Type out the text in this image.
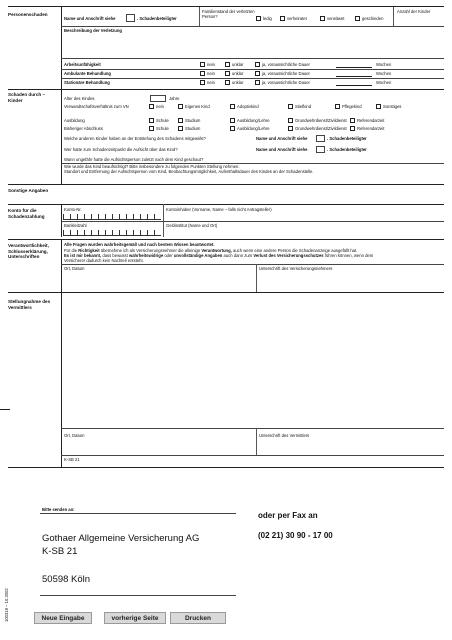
Personenschaden
Schaden durch – Kinder
Sonstige Angaben
Konto für die Schadenzahlung
Verantwortlichkeit, Schlusserklärung, Unterschriften
Stellungnahme des Vermittlers
Name und Anschrift siehe	. Schadenbeteiligter
Familienstand der verletzten Person?	ledig	verheiratet	verwitwet	geschieden
Anzahl der Kinder
Beschreibung der Verletzung
Arbeitsunfähigkeit	nein	unklar	ja, voraussichtliche Dauer	Wochen
Ambulante Behandlung	nein	unklar	ja, voraussichtliche Dauer	Wochen
Stationäre Behandlung	nein	unklar	ja, voraussichtliche Dauer	Wochen
Alter des Kindes	Jahre
Verwandtschaftsverhältnis zum VN	nein	Eigenes Kind	Adoptivkind	Stiefkind	Pflegekind	Sonstiges
Ausbildung	Schule	Studium	Ausbildung/Lehre	Grundwehrdienst/Zivildienst Referendarzeit
Bisheriger Abschluss	Schule	Studium	Ausbildung/Lehre	Grundwehrdienst/Zivildienst Referendarzeit
Welche anderen Kinder haben an der Entstehung des Schadens mitgewirkt?	Name und Anschrift siehe	. Schadenbeteiligter
Wer hatte zum Schadenzeitpunkt die Aufsicht über das Kind?	Name und Anschrift siehe	. Schadenbeteiligter
Wann ungefähr hatte die Aufsichtsperson zuletzt nach dem Kind geschaut?
Wie wurde das Kind beaufsichtigt? Bitte insbesondere zu folgenden Punkten Stellung nehmen:
Standort und Entfernung der Aufsichtsperson vom Kind, Beobachtungsmöglichkeit, Aufenthaltsdauer des Kindes an der Schadenstelle.
Konto-Nr.	Kontoinhaber (Vorname, Name – falls nicht Antragsteller)
Bankleitzahl	Geldinstitut (Name und Ort)
Alle Fragen wurden wahrheitsgemäß und nach bestem Wissen beantwortet.
Für die Richtigkeit übernehme ich als Versicherungsnehmer die alleinige Verantwortung, auch wenn eine andere Person die Schadenanzeige ausgefüllt hat.
Es ist mir bekannt, dass bewusst wahrheitswidrige oder unvollständige Angaben auch dann zum Verlust des Versicherungsschutzes führen können, wenn dem
Versicherer dadurch kein Nachteil entsteht.
Ort, Datum	Unterschrift des Versicherungsnehmers
Ort, Datum	Unterschrift des Vermittlers
K-SB 21
Bitte senden an:
Gothaer Allgemeine Versicherung AG
K-SB 21
50598 Köln
oder per Fax an
(02 21) 30 90 - 17 00
100319 – 10.2002	Neue Eingabe	vorherige Seite	Drucken
